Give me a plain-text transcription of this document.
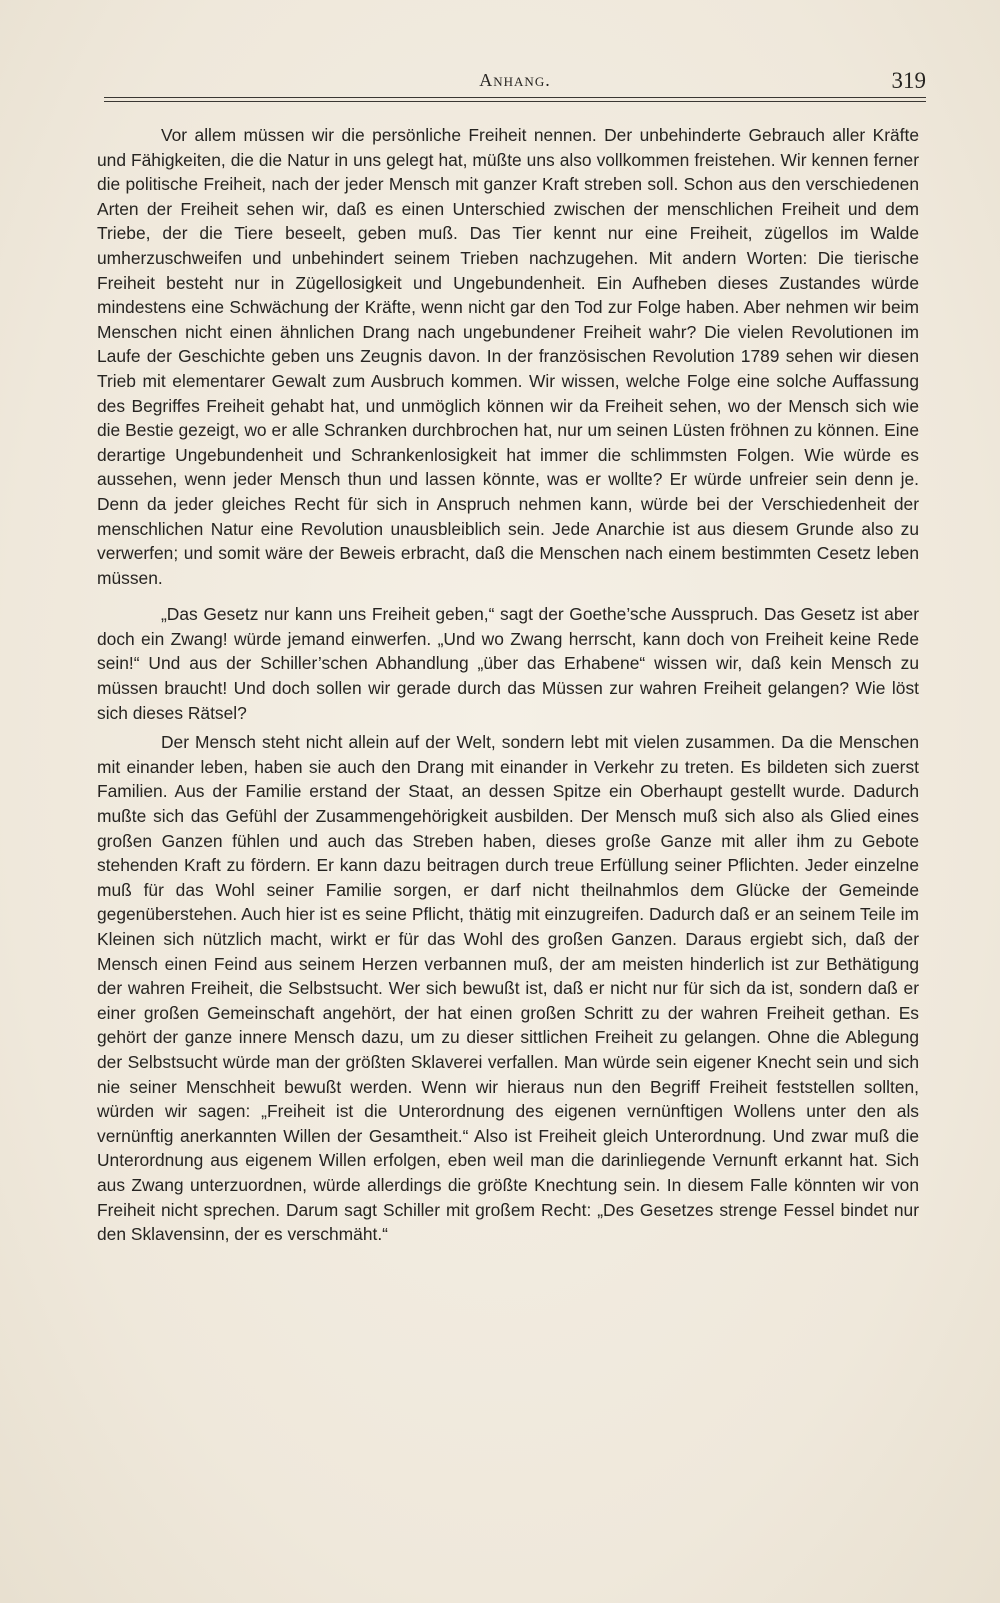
Anhang.	319

Vor allem müssen wir die persönliche Freiheit nennen. Der unbehinderte Gebrauch aller Kräfte und Fähigkeiten, die die Natur in uns gelegt hat, müßte uns also vollkommen freistehen. Wir kennen ferner die politische Freiheit, nach der jeder Mensch mit ganzer Kraft streben soll. Schon aus den verschiedenen Arten der Freiheit sehen wir, daß es einen Unterschied zwischen der menschlichen Freiheit und dem Triebe, der die Tiere beseelt, geben muß. Das Tier kennt nur eine Freiheit, zügellos im Walde umherzuschweifen und unbehindert seinem Trieben nachzugehen. Mit andern Worten: Die tierische Freiheit besteht nur in Zügellosigkeit und Ungebundenheit. Ein Aufheben dieses Zustandes würde mindestens eine Schwächung der Kräfte, wenn nicht gar den Tod zur Folge haben. Aber nehmen wir beim Menschen nicht einen ähnlichen Drang nach ungebundener Freiheit wahr? Die vielen Revolutionen im Laufe der Geschichte geben uns Zeugnis davon. In der französischen Revolution 1789 sehen wir diesen Trieb mit elementarer Gewalt zum Ausbruch kommen. Wir wissen, welche Folge eine solche Auffassung des Begriffes Freiheit gehabt hat, und unmöglich können wir da Freiheit sehen, wo der Mensch sich wie die Bestie gezeigt, wo er alle Schranken durchbrochen hat, nur um seinen Lüsten fröhnen zu können. Eine derartige Ungebundenheit und Schrankenlosigkeit hat immer die schlimmsten Folgen. Wie würde es aussehen, wenn jeder Mensch thun und lassen könnte, was er wollte? Er würde unfreier sein denn je. Denn da jeder gleiches Recht für sich in Anspruch nehmen kann, würde bei der Verschiedenheit der menschlichen Natur eine Revolution unausbleiblich sein. Jede Anarchie ist aus diesem Grunde also zu verwerfen; und somit wäre der Beweis erbracht, daß die Menschen nach einem bestimmten Cesetz leben müssen.

„Das Gesetz nur kann uns Freiheit geben,“ sagt der Goethe’sche Ausspruch. Das Gesetz ist aber doch ein Zwang! würde jemand einwerfen. „Und wo Zwang herrscht, kann doch von Freiheit keine Rede sein!“ Und aus der Schiller’schen Abhandlung „über das Erhabene“ wissen wir, daß kein Mensch zu müssen braucht! Und doch sollen wir gerade durch das Müssen zur wahren Freiheit gelangen? Wie löst sich dieses Rätsel?

Der Mensch steht nicht allein auf der Welt, sondern lebt mit vielen zusammen. Da die Menschen mit einander leben, haben sie auch den Drang mit einander in Verkehr zu treten. Es bildeten sich zuerst Familien. Aus der Familie erstand der Staat, an dessen Spitze ein Oberhaupt gestellt wurde. Dadurch mußte sich das Gefühl der Zusammengehörigkeit ausbilden. Der Mensch muß sich also als Glied eines großen Ganzen fühlen und auch das Streben haben, dieses große Ganze mit aller ihm zu Gebote stehenden Kraft zu fördern. Er kann dazu beitragen durch treue Erfüllung seiner Pflichten. Jeder einzelne muß für das Wohl seiner Familie sorgen, er darf nicht theilnahmlos dem Glücke der Gemeinde gegenüberstehen. Auch hier ist es seine Pflicht, thätig mit einzugreifen. Dadurch daß er an seinem Teile im Kleinen sich nützlich macht, wirkt er für das Wohl des großen Ganzen. Daraus ergiebt sich, daß der Mensch einen Feind aus seinem Herzen verbannen muß, der am meisten hinderlich ist zur Bethätigung der wahren Freiheit, die Selbstsucht. Wer sich bewußt ist, daß er nicht nur für sich da ist, sondern daß er einer großen Gemeinschaft angehört, der hat einen großen Schritt zu der wahren Freiheit gethan. Es gehört der ganze innere Mensch dazu, um zu dieser sittlichen Freiheit zu gelangen. Ohne die Ablegung der Selbstsucht würde man der größten Sklaverei verfallen. Man würde sein eigener Knecht sein und sich nie seiner Menschheit bewußt werden. Wenn wir hieraus nun den Begriff Freiheit feststellen sollten, würden wir sagen: „Freiheit ist die Unterordnung des eigenen vernünftigen Wollens unter den als vernünftig anerkannten Willen der Gesamtheit.“ Also ist Freiheit gleich Unterordnung. Und zwar muß die Unterordnung aus eigenem Willen erfolgen, eben weil man die darinliegende Vernunft erkannt hat. Sich aus Zwang unterzuordnen, würde allerdings die größte Knechtung sein. In diesem Falle könnten wir von Freiheit nicht sprechen. Darum sagt Schiller mit großem Recht: „Des Gesetzes strenge Fessel bindet nur den Sklavensinn, der es verschmäht.“
